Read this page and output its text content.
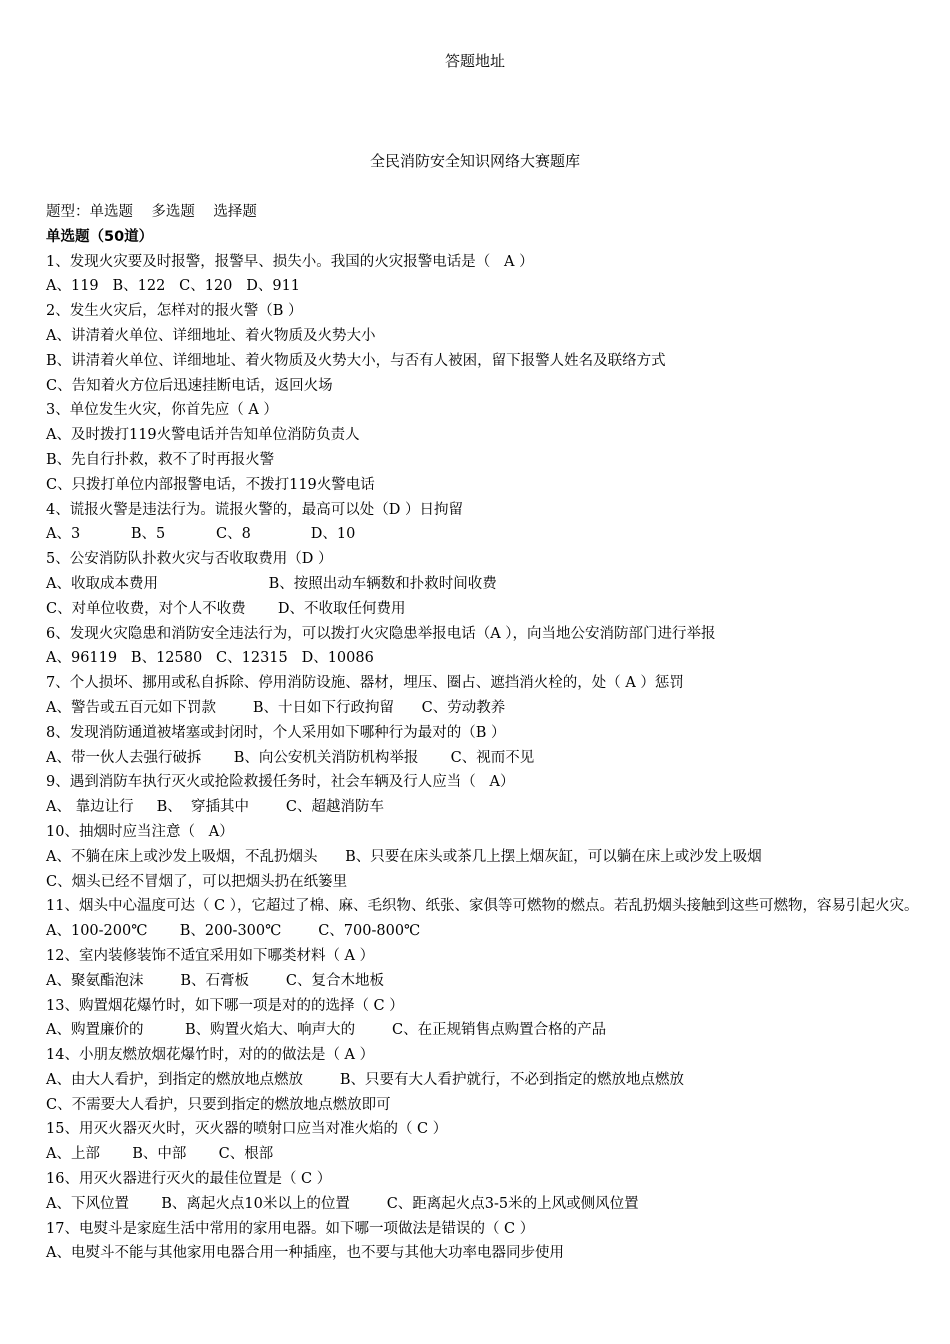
答题地址
全民消防安全知识网络大赛题库
题型：单选题    多选题    选择题
单选题（50道）
1、发现火灾要及时报警，报警早、损失小。我国的火灾报警电话是（   A ）
A、119   B、122   C、120   D、911
2、发生火灾后，怎样对的报火警（B ）
A、讲清着火单位、详细地址、着火物质及火势大小
B、讲清着火单位、详细地址、着火物质及火势大小，与否有人被困，留下报警人姓名及联络方式
C、告知着火方位后迅速挂断电话，返回火场
3、单位发生火灾，你首先应（ A ）
A、及时拨打119火警电话并告知单位消防负责人
B、先自行扑救，救不了时再报火警
C、只拨打单位内部报警电话，不拨打119火警电话
4、谎报火警是违法行为。谎报火警的，最高可以处（D ）日拘留
A、3           B、5           C、8             D、10
5、公安消防队扑救火灾与否收取费用（D ）
A、收取成本费用                        B、按照出动车辆数和扑救时间收费
C、对单位收费，对个人不收费       D、不收取任何费用
6、发现火灾隐患和消防安全违法行为，可以拨打火灾隐患举报电话（A ），向当地公安消防部门进行举报
A、96119   B、12580   C、12315   D、10086
7、个人损坏、挪用或私自拆除、停用消防设施、器材，埋压、圈占、遮挡消火栓的，处（ A ）惩罚
A、警告或五百元如下罚款        B、十日如下行政拘留      C、劳动教养
8、发现消防通道被堵塞或封闭时，个人采用如下哪种行为最对的（B ）
A、带一伙人去强行破拆       B、向公安机关消防机构举报       C、视而不见
9、遇到消防车执行灭火或抢险救援任务时，社会车辆及行人应当（   A）
A、 靠边让行     B、  穿插其中        C、超越消防车
10、抽烟时应当注意（   A）
A、不躺在床上或沙发上吸烟，不乱扔烟头      B、只要在床头或茶几上摆上烟灰缸，可以躺在床上或沙发上吸烟
C、烟头已经不冒烟了，可以把烟头扔在纸篓里
11、烟头中心温度可达（ C ），它超过了棉、麻、毛织物、纸张、家俱等可燃物的燃点。若乱扔烟头接触到这些可燃物，容易引起火灾。
A、100-200℃       B、200-300℃        C、700-800℃
12、室内装修装饰不适宜采用如下哪类材料（ A ）
A、聚氨酯泡沫        B、石膏板        C、复合木地板
13、购置烟花爆竹时，如下哪一项是对的的选择（ C ）
A、购置廉价的         B、购置火焰大、响声大的        C、在正规销售点购置合格的产品
14、小朋友燃放烟花爆竹时，对的的做法是（ A ）
A、由大人看护，到指定的燃放地点燃放        B、只要有大人看护就行，不必到指定的燃放地点燃放
C、不需要大人看护，只要到指定的燃放地点燃放即可
15、用灭火器灭火时，灭火器的喷射口应当对准火焰的（ C ）
A、上部       B、中部       C、根部
16、用灭火器进行灭火的最佳位置是（ C ）
A、下风位置       B、离起火点10米以上的位置        C、距离起火点3-5米的上风或侧风位置
17、电熨斗是家庭生活中常用的家用电器。如下哪一项做法是错误的（ C ）
A、电熨斗不能与其他家用电器合用一种插座，也不要与其他大功率电器同步使用
